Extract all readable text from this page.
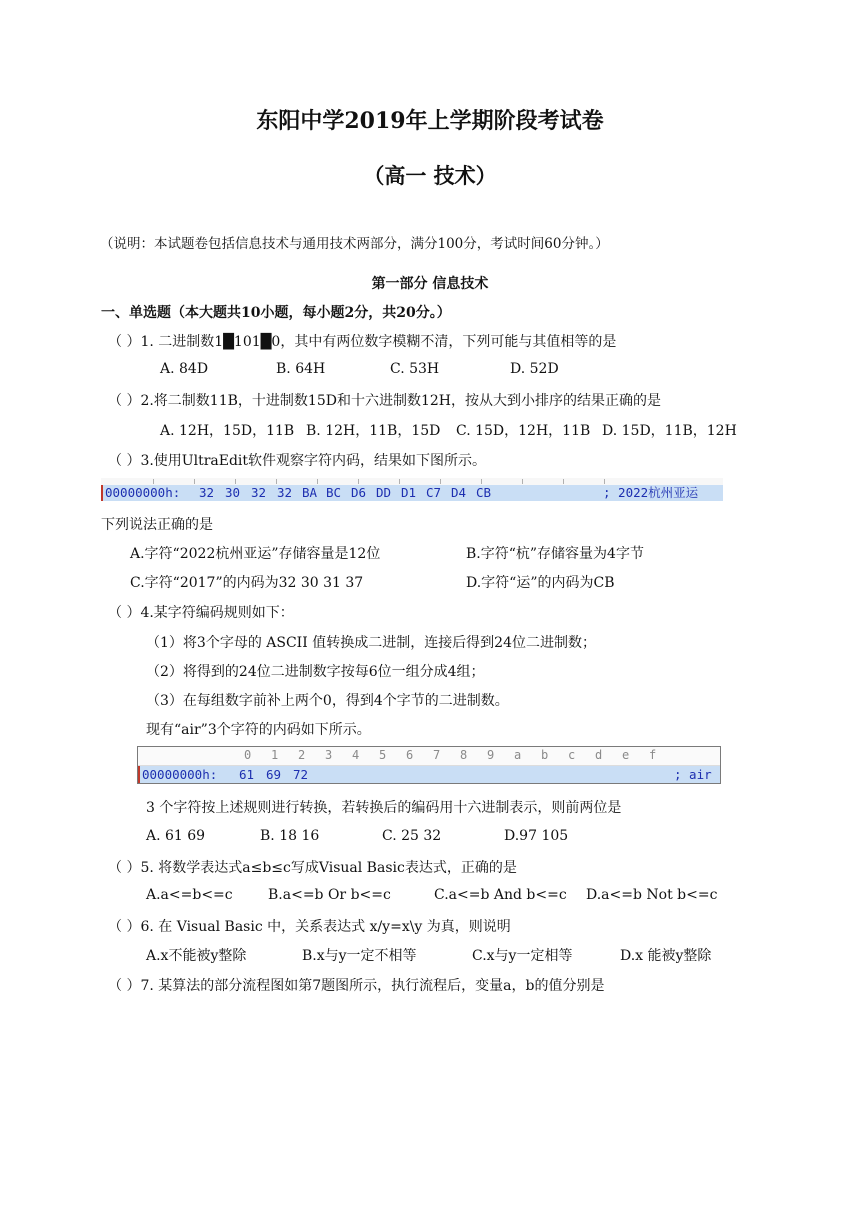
东阳中学2019年上学期阶段考试卷
（高一 技术）
（说明：本试题卷包括信息技术与通用技术两部分，满分100分，考试时间60分钟。）
第一部分 信息技术
一、单选题（本大题共10小题，每小题2分，共20分。）
（ ）1. 二进制数1█101█0，其中有两位数字模糊不清，下列可能与其值相等的是
A. 84D	B. 64H	C. 53H	D. 52D
（ ）2.将二制数11B，十进制数15D和十六进制数12H，按从大到小排序的结果正确的是
A. 12H，15D，11B B. 12H，11B，15D C. 15D，12H，11B D. 15D，11B，12H
（ ）3.使用UltraEdit软件观察字符内码，结果如下图所示。
00000000h: 32 30 32 32 BA BC D6 DD D1 C7 D4 CB	; 2022杭州亚运
下列说法正确的是
A.字符“2022杭州亚运”存储容量是12位	B.字符“杭”存储容量为4字节
C.字符“2017”的内码为32 30 31 37	D.字符“运”的内码为CB
（ ）4.某字符编码规则如下：
（1）将3个字母的 ASCII 值转换成二进制，连接后得到24位二进制数；
（2）将得到的24位二进制数字按每6位一组分成4组；
（3）在每组数字前补上两个0，得到4个字节的二进制数。
现有“air”3个字符的内码如下所示。
0 1 2 3 4 5 6 7 8 9 a b c d e f
00000000h: 61 69 72	; air
3 个字符按上述规则进行转换，若转换后的编码用十六进制表示，则前两位是
A. 61 69	B. 18 16	C. 25 32	D.97 105
（ ）5. 将数学表达式a≤b≤c写成Visual Basic表达式，正确的是
A.a<=b<=c	B.a<=b Or b<=c	C.a<=b And b<=c D.a<=b Not b<=c
（ ）6. 在 Visual Basic 中，关系表达式 x/y=x\y 为真，则说明
A.x不能被y整除	B.x与y一定不相等	C.x与y一定相等	D.x 能被y整除
（ ）7. 某算法的部分流程图如第7题图所示，执行流程后，变量a，b的值分别是
